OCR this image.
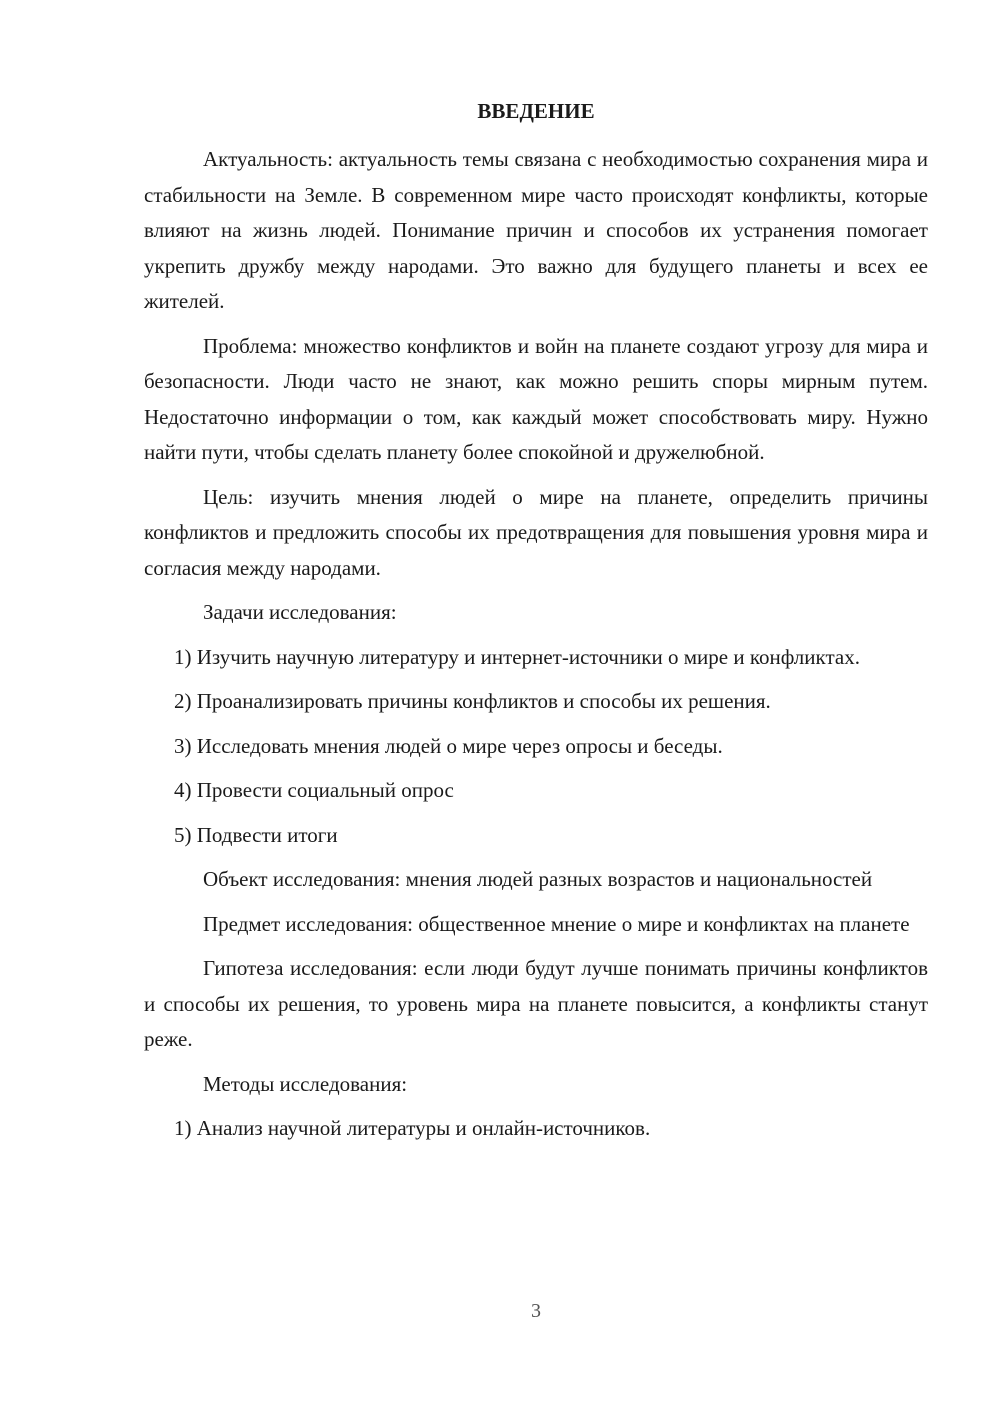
ВВЕДЕНИЕ

Актуальность: актуальность темы связана с необходимостью сохранения мира и стабильности на Земле. В современном мире часто происходят конфликты, которые влияют на жизнь людей. Понимание причин и способов их устранения помогает укрепить дружбу между народами. Это важно для будущего планеты и всех ее жителей.

Проблема: множество конфликтов и войн на планете создают угрозу для мира и безопасности. Люди часто не знают, как можно решить споры мирным путем. Недостаточно информации о том, как каждый может способствовать миру. Нужно найти пути, чтобы сделать планету более спокойной и дружелюбной.

Цель: изучить мнения людей о мире на планете, определить причины конфликтов и предложить способы их предотвращения для повышения уровня мира и согласия между народами.

Задачи исследования:

1) Изучить научную литературу и интернет-источники о мире и конфликтах.

2) Проанализировать причины конфликтов и способы их решения.

3) Исследовать мнения людей о мире через опросы и беседы.

4) Провести социальный опрос

5) Подвести итоги

Объект исследования: мнения людей разных возрастов и национальностей

Предмет исследования: общественное мнение о мире и конфликтах на планете

Гипотеза исследования: если люди будут лучше понимать причины конфликтов и способы их решения, то уровень мира на планете повысится, а конфликты станут реже.

Методы исследования:

1) Анализ научной литературы и онлайн-источников.

3
